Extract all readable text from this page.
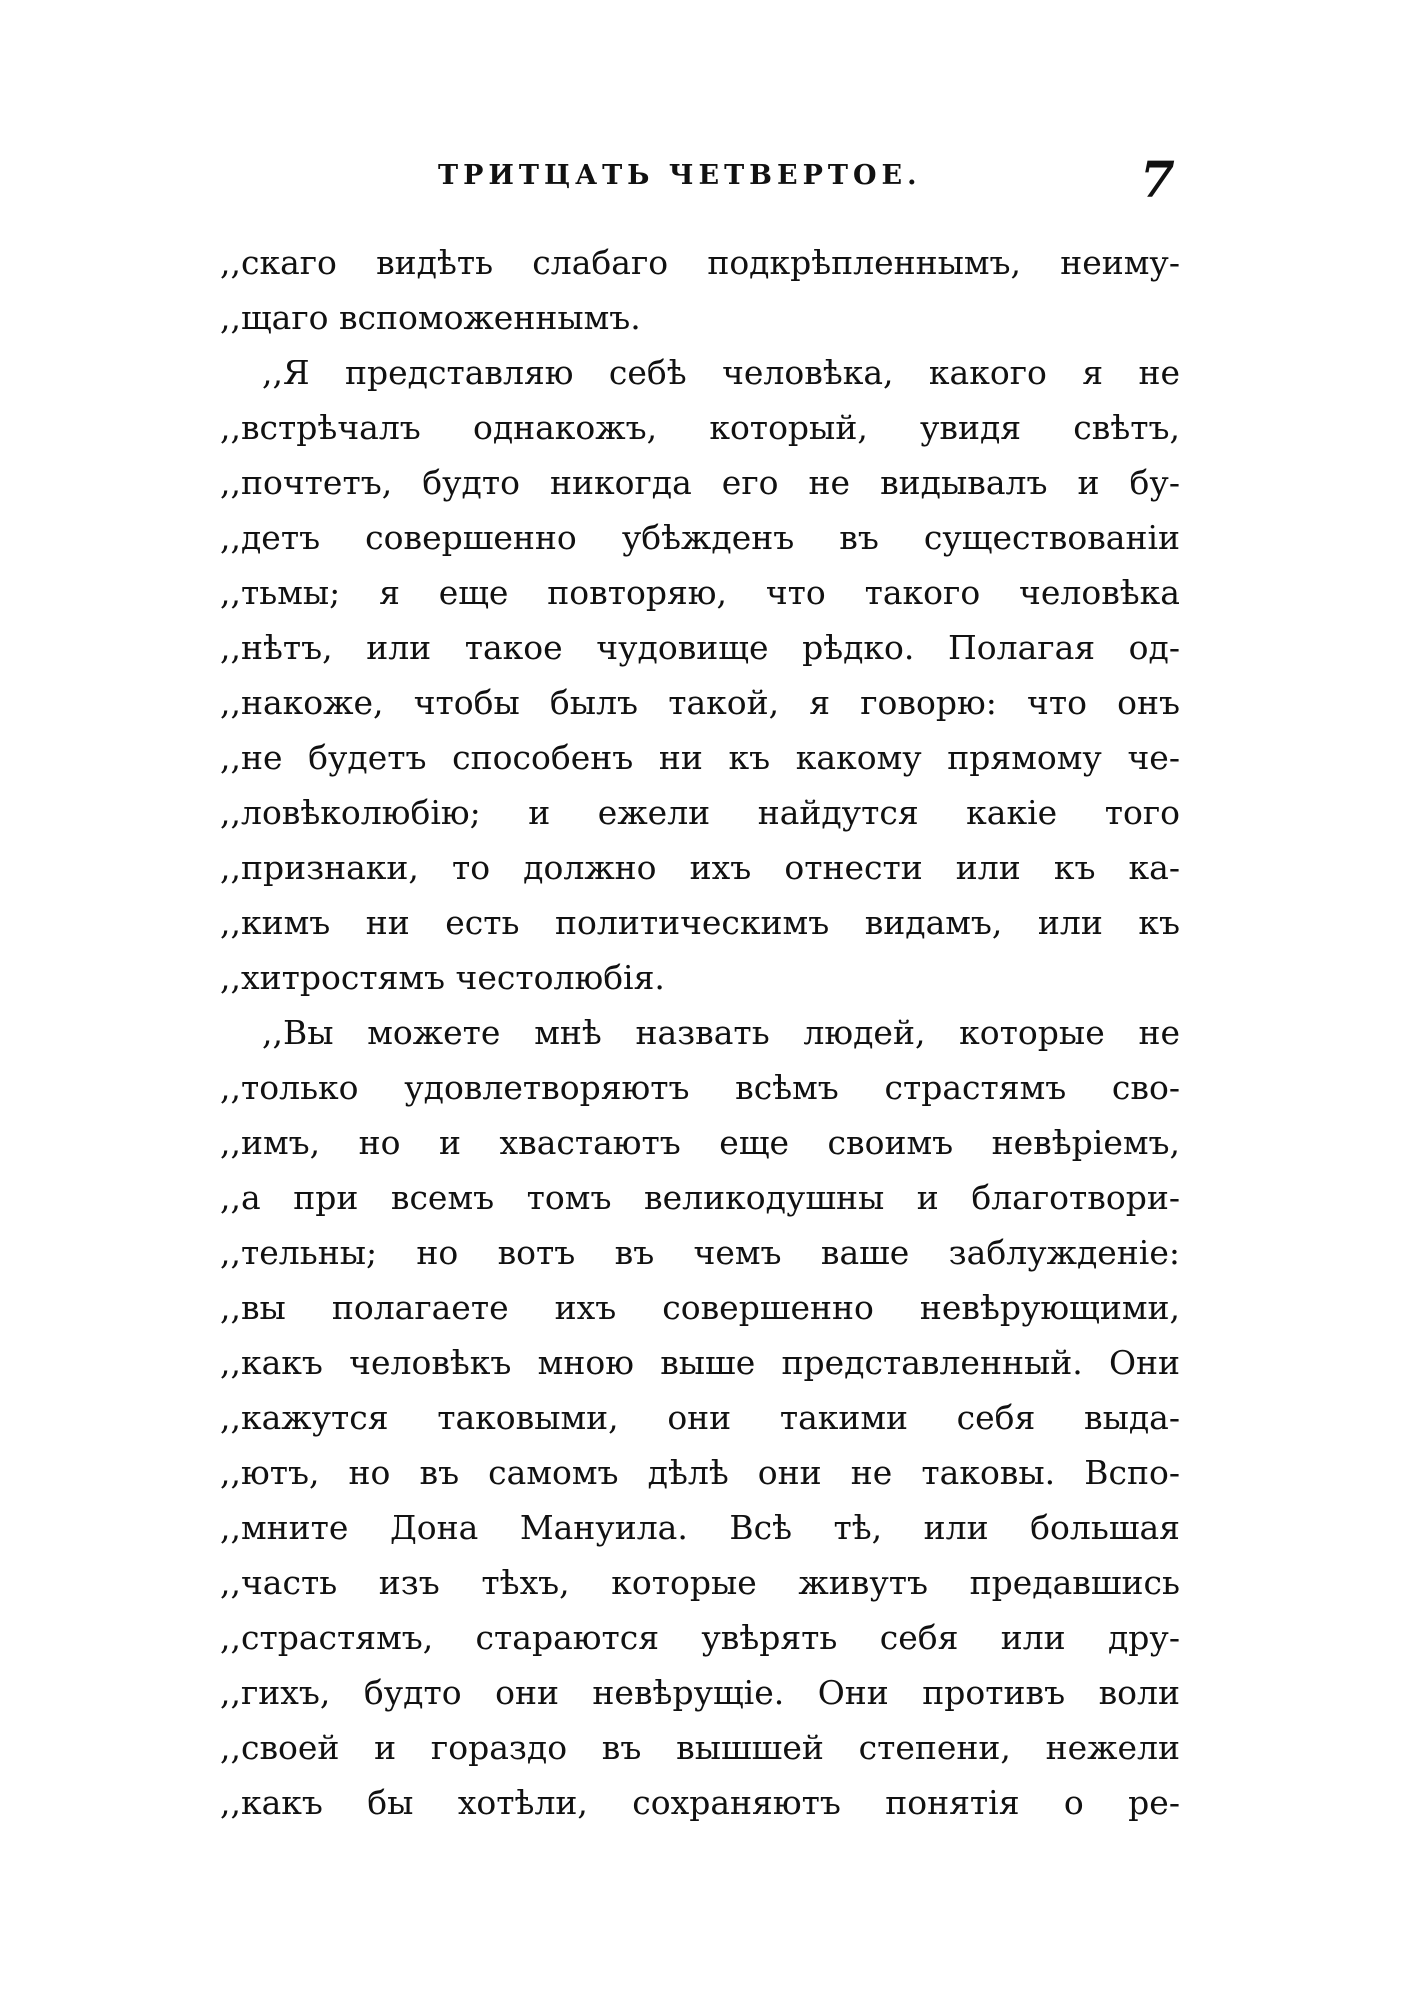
ТРИТЦАТЬ ЧЕТВЕРТОЕ.	7
,,скаго видѣть слабаго подкрѣпленнымъ, неиму-
,,щаго вспоможеннымъ.
,,Я представляю себѣ человѣка, какого я не
,,встрѣчалъ однакожъ, который, увидя свѣтъ,
,,почтетъ, будто никогда его не видывалъ и бу-
,,детъ совершенно убѣжденъ въ существованіи
,,тьмы; я еще повторяю, что такого человѣка
,,нѣтъ, или такое чудовище рѣдко. Полагая од-
,,накоже, чтобы былъ такой, я говорю: что онъ
,,не будетъ способенъ ни къ какому прямому че-
,,ловѣколюбію; и ежели найдутся какіе того
,,признаки, то должно ихъ отнести или къ ка-
,,кимъ ни есть политическимъ видамъ, или къ
,,хитростямъ честолюбія.
,,Вы можете мнѣ назвать людей, которые не
,,только удовлетворяютъ всѣмъ страстямъ сво-
,,имъ, но и хвастаютъ еще своимъ невѣріемъ,
,,а при всемъ томъ великодушны и благотвори-
,,тельны; но вотъ въ чемъ ваше заблужденіе:
,,вы полагаете ихъ совершенно невѣрующими,
,,какъ человѣкъ мною выше представленный. Они
,,кажутся таковыми, они такими себя выда-
,,ютъ, но въ самомъ дѣлѣ они не таковы. Вспо-
,,мните Дона Мануила. Всѣ тѣ, или большая
,,часть изъ тѣхъ, которые живутъ предавшись
,,страстямъ, стараются увѣрять себя или дру-
,,гихъ, будто они невѣрущіе. Они противъ воли
,,своей и гораздо въ вышшей степени, нежели
,,какъ бы хотѣли, сохраняютъ понятія о ре-
